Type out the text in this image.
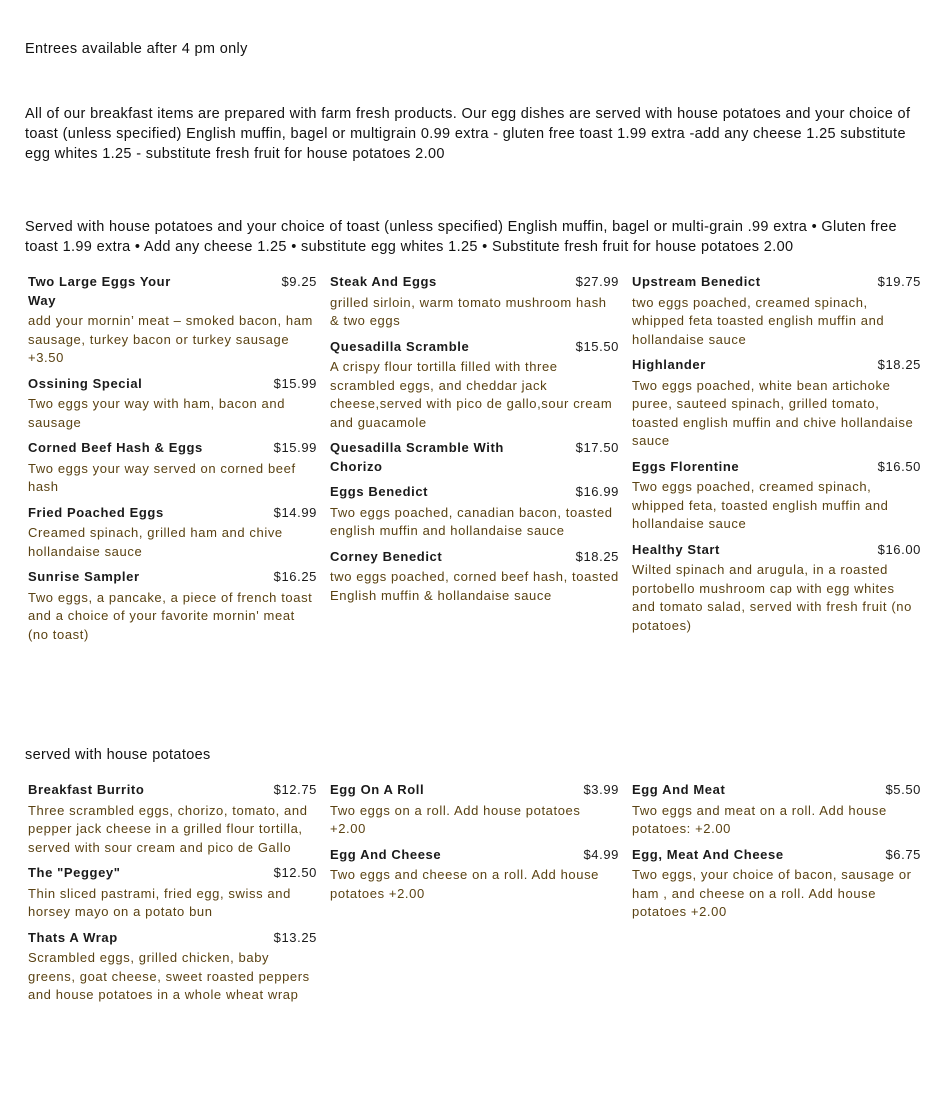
Entrees available after 4 pm only

All of our breakfast items are prepared with farm fresh products. Our egg dishes are served with house potatoes and your choice of toast (unless specified) English muffin, bagel or multigrain 0.99 extra - gluten free toast 1.99 extra -add any cheese 1.25 substitute egg whites 1.25 - substitute fresh fruit for house potatoes 2.00

Served with house potatoes and your choice of toast (unless specified) English muffin, bagel or multi-grain .99 extra • Gluten free toast 1.99 extra • Add any cheese 1.25 • substitute egg whites 1.25 • Substitute fresh fruit for house potatoes 2.00

Two Large Eggs Your Way
$9.25
add your mornin’ meat – smoked bacon, ham sausage, turkey bacon or turkey sausage +3.50
Ossining Special	$15.99
Two eggs your way with ham, bacon and sausage
Corned Beef Hash & Eggs	$15.99
Two eggs your way served on corned beef hash
Fried Poached Eggs	$14.99
Creamed spinach, grilled ham and chive hollandaise sauce
Sunrise Sampler	$16.25
Two eggs, a pancake, a piece of french toast and a choice of your favorite mornin' meat (no toast)
Steak And Eggs	$27.99
grilled sirloin, warm tomato mushroom hash & two eggs
Quesadilla Scramble	$15.50
A crispy flour tortilla filled with three scrambled eggs, and cheddar jack cheese,served with pico de gallo,sour cream and guacamole
Quesadilla Scramble With Chorizo
$17.50
Eggs Benedict	$16.99
Two eggs poached, canadian bacon, toasted english muffin and hollandaise sauce
Corney Benedict	$18.25
two eggs poached, corned beef hash, toasted English muffin & hollandaise sauce
Upstream Benedict	$19.75
two eggs poached, creamed spinach, whipped feta toasted english muffin and hollandaise sauce
Highlander	$18.25
Two eggs poached, white bean artichoke puree, sauteed spinach, grilled tomato, toasted english muffin and chive hollandaise sauce
Eggs Florentine	$16.50
Two eggs poached, creamed spinach, whipped feta, toasted english muffin and hollandaise sauce
Healthy Start	$16.00
Wilted spinach and arugula, in a roasted portobello mushroom cap with egg whites and tomato salad, served with fresh fruit (no potatoes)

served with house potatoes

Breakfast Burrito	$12.75
Three scrambled eggs, chorizo, tomato, and pepper jack cheese in a grilled flour tortilla, served with sour cream and pico de Gallo
The "Peggey"	$12.50
Thin sliced pastrami, fried egg, swiss and horsey mayo on a potato bun
Thats A Wrap	$13.25
Scrambled eggs, grilled chicken, baby greens, goat cheese, sweet roasted peppers and house potatoes in a whole wheat wrap
Egg On A Roll	$3.99
Two eggs on a roll. Add house potatoes +2.00
Egg And Cheese	$4.99
Two eggs and cheese on a roll. Add house potatoes +2.00
Egg And Meat	$5.50
Two eggs and meat on a roll. Add house potatoes: +2.00
Egg, Meat And Cheese	$6.75
Two eggs, your choice of bacon, sausage or ham , and cheese on a roll. Add house potatoes +2.00
